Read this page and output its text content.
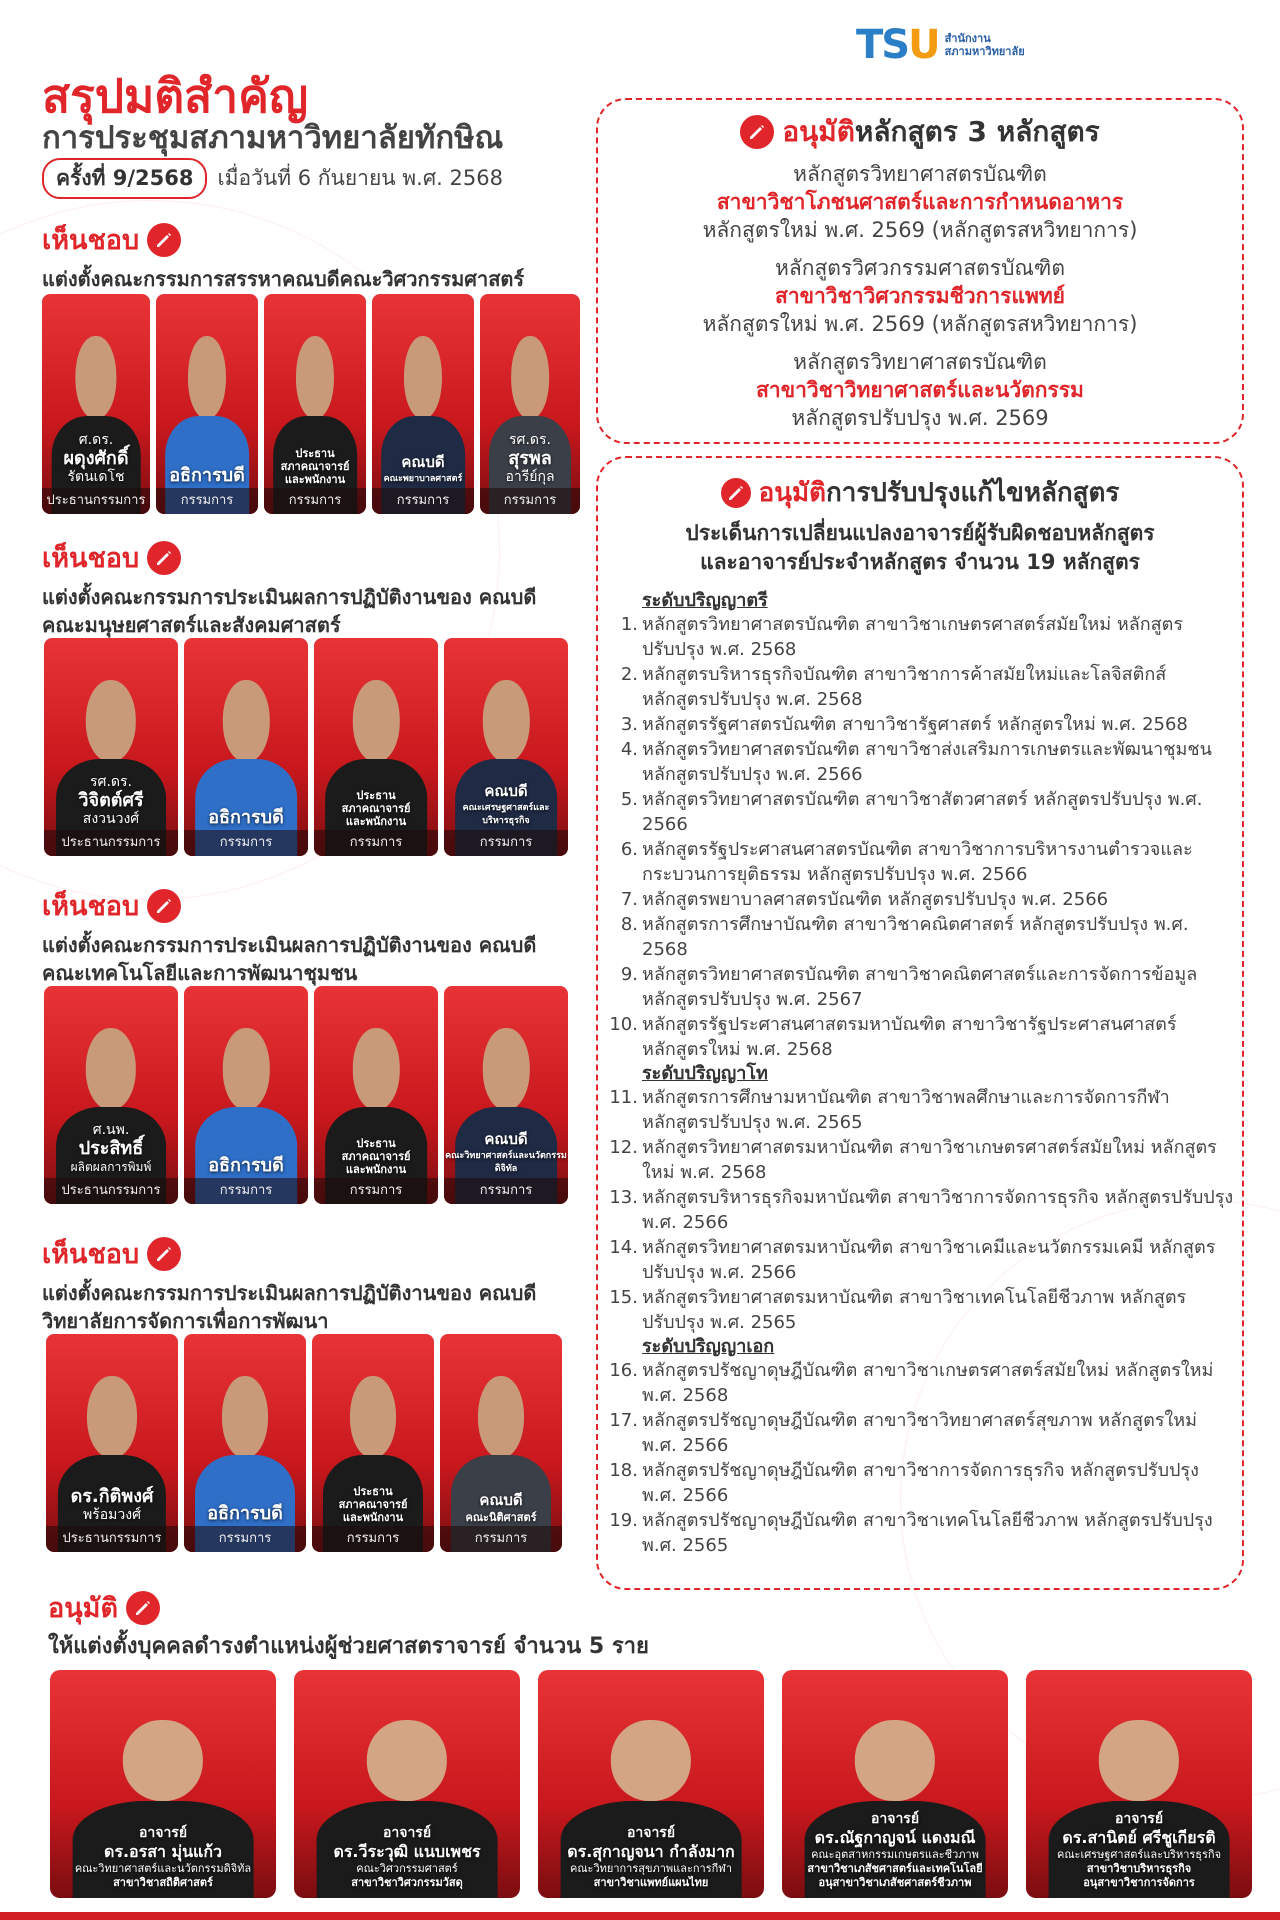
สรุปมติสำคัญ
การประชุมสภามหาวิทยาลัยทักษิณ
ครั้งที่ 9/2568	เมื่อวันที่ 6 กันยายน พ.ศ. 2568
TSU สำนักงาน
สภามหาวิทยาลัย
เห็นชอบ
แต่งตั้งคณะกรรมการสรรหาคณบดีคณะวิศวกรรมศาสตร์
ศ.ดร.
ผดุงศักดิ์
รัตนเดโช
ประธานกรรมการ
อธิการบดี
กรรมการ
ประธาน
สภาคณาจารย์
และพนักงาน
กรรมการ
คณบดี
คณะพยาบาลศาสตร์
กรรมการ
รศ.ดร.
สุรพล
อารีย์กุล
กรรมการ
เห็นชอบ
แต่งตั้งคณะกรรมการประเมินผลการปฏิบัติงานของ คณบดีคณะมนุษยศาสตร์และสังคมศาสตร์
รศ.ดร.
วิจิตต์ศรี
สงวนวงศ์
ประธานกรรมการ
อธิการบดี
กรรมการ
ประธาน
สภาคณาจารย์
และพนักงาน
กรรมการ
คณบดี
คณะเศรษฐศาสตร์และบริหารธุรกิจ
กรรมการ
เห็นชอบ
แต่งตั้งคณะกรรมการประเมินผลการปฏิบัติงานของ คณบดีคณะเทคโนโลยีและการพัฒนาชุมชน
ศ.นพ.
ประสิทธิ์
ผลิตผลการพิมพ์
ประธานกรรมการ
อธิการบดี
กรรมการ
ประธาน
สภาคณาจารย์
และพนักงาน
กรรมการ
คณบดี
คณะวิทยาศาสตร์และนวัตกรรมดิจิทัล
กรรมการ
เห็นชอบ
แต่งตั้งคณะกรรมการประเมินผลการปฏิบัติงานของ คณบดีวิทยาลัยการจัดการเพื่อการพัฒนา
ดร.กิติพงศ์
พร้อมวงศ์
ประธานกรรมการ
อธิการบดี
กรรมการ
ประธาน
สภาคณาจารย์
และพนักงาน
กรรมการ
คณบดี
คณะนิติศาสตร์
กรรมการ
อนุมัติหลักสูตร 3 หลักสูตร
หลักสูตรวิทยาศาสตรบัณฑิต
สาขาวิชาโภชนศาสตร์และการกำหนดอาหาร
หลักสูตรใหม่ พ.ศ. 2569 (หลักสูตรสหวิทยาการ)
หลักสูตรวิศวกรรมศาสตรบัณฑิต
สาขาวิชาวิศวกรรมชีวการแพทย์
หลักสูตรใหม่ พ.ศ. 2569 (หลักสูตรสหวิทยาการ)
หลักสูตรวิทยาศาสตรบัณฑิต
สาขาวิชาวิทยาศาสตร์และนวัตกรรม
หลักสูตรปรับปรุง พ.ศ. 2569
อนุมัติการปรับปรุงแก้ไขหลักสูตร
ประเด็นการเปลี่ยนแปลงอาจารย์ผู้รับผิดชอบหลักสูตร
และอาจารย์ประจำหลักสูตร จำนวน 19 หลักสูตร
ระดับปริญญาตรี
1. หลักสูตรวิทยาศาสตรบัณฑิต สาขาวิชาเกษตรศาสตร์สมัยใหม่ หลักสูตรปรับปรุง พ.ศ. 2568
2. หลักสูตรบริหารธุรกิจบัณฑิต สาขาวิชาการค้าสมัยใหม่และโลจิสติกส์ หลักสูตรปรับปรุง พ.ศ. 2568
3. หลักสูตรรัฐศาสตรบัณฑิต สาขาวิชารัฐศาสตร์ หลักสูตรใหม่ พ.ศ. 2568
4. หลักสูตรวิทยาศาสตรบัณฑิต สาขาวิชาส่งเสริมการเกษตรและพัฒนาชุมชน หลักสูตรปรับปรุง พ.ศ. 2566
5. หลักสูตรวิทยาศาสตรบัณฑิต สาขาวิชาสัตวศาสตร์ หลักสูตรปรับปรุง พ.ศ. 2566
6. หลักสูตรรัฐประศาสนศาสตรบัณฑิต สาขาวิชาการบริหารงานตำรวจและกระบวนการยุติธรรม หลักสูตรปรับปรุง พ.ศ. 2566
7. หลักสูตรพยาบาลศาสตรบัณฑิต หลักสูตรปรับปรุง พ.ศ. 2566
8. หลักสูตรการศึกษาบัณฑิต สาขาวิชาคณิตศาสตร์ หลักสูตรปรับปรุง พ.ศ. 2568
9. หลักสูตรวิทยาศาสตรบัณฑิต สาขาวิชาคณิตศาสตร์และการจัดการข้อมูล หลักสูตรปรับปรุง พ.ศ. 2567
10. หลักสูตรรัฐประศาสนศาสตรมหาบัณฑิต สาขาวิชารัฐประศาสนศาสตร์ หลักสูตรใหม่ พ.ศ. 2568
ระดับปริญญาโท
11. หลักสูตรการศึกษามหาบัณฑิต สาขาวิชาพลศึกษาและการจัดการกีฬา หลักสูตรปรับปรุง พ.ศ. 2565
12. หลักสูตรวิทยาศาสตรมหาบัณฑิต สาขาวิชาเกษตรศาสตร์สมัยใหม่ หลักสูตรใหม่ พ.ศ. 2568
13. หลักสูตรบริหารธุรกิจมหาบัณฑิต สาขาวิชาการจัดการธุรกิจ หลักสูตรปรับปรุง พ.ศ. 2566
14. หลักสูตรวิทยาศาสตรมหาบัณฑิต สาขาวิชาเคมีและนวัตกรรมเคมี หลักสูตรปรับปรุง พ.ศ. 2566
15. หลักสูตรวิทยาศาสตรมหาบัณฑิต สาขาวิชาเทคโนโลยีชีวภาพ หลักสูตรปรับปรุง พ.ศ. 2565
ระดับปริญญาเอก
16. หลักสูตรปรัชญาดุษฎีบัณฑิต สาขาวิชาเกษตรศาสตร์สมัยใหม่ หลักสูตรใหม่ พ.ศ. 2568
17. หลักสูตรปรัชญาดุษฎีบัณฑิต สาขาวิชาวิทยาศาสตร์สุขภาพ หลักสูตรใหม่ พ.ศ. 2566
18. หลักสูตรปรัชญาดุษฎีบัณฑิต สาขาวิชาการจัดการธุรกิจ หลักสูตรปรับปรุง พ.ศ. 2566
19. หลักสูตรปรัชญาดุษฎีบัณฑิต สาขาวิชาเทคโนโลยีชีวภาพ หลักสูตรปรับปรุง พ.ศ. 2565
อนุมัติ
ให้แต่งตั้งบุคคลดำรงตำแหน่งผู้ช่วยศาสตราจารย์ จำนวน 5 ราย
อาจารย์
ดร.อรสา มุ่นแก้ว
คณะวิทยาศาสตร์และนวัตกรรมดิจิทัล
สาขาวิชาสถิติศาสตร์
อาจารย์
ดร.วีระวุฒิ แนบเพชร
คณะวิศวกรรมศาสตร์
สาขาวิชาวิศวกรรมวัสดุ
อาจารย์
ดร.สุกาญจนา กำลังมาก
คณะวิทยาการสุขภาพและการกีฬา
สาขาวิชาแพทย์แผนไทย
อาจารย์
ดร.ณัฐกาญจน์ แดงมณี
คณะอุตสาหกรรมเกษตรและชีวภาพ
สาขาวิชาเภสัชศาสตร์และเทคโนโลยี
อนุสาขาวิชาเภสัชศาสตร์ชีวภาพ
อาจารย์
ดร.สานิตย์ ศรีชูเกียรติ
คณะเศรษฐศาสตร์และบริหารธุรกิจ
สาขาวิชาบริหารธุรกิจ
อนุสาขาวิชาการจัดการ
